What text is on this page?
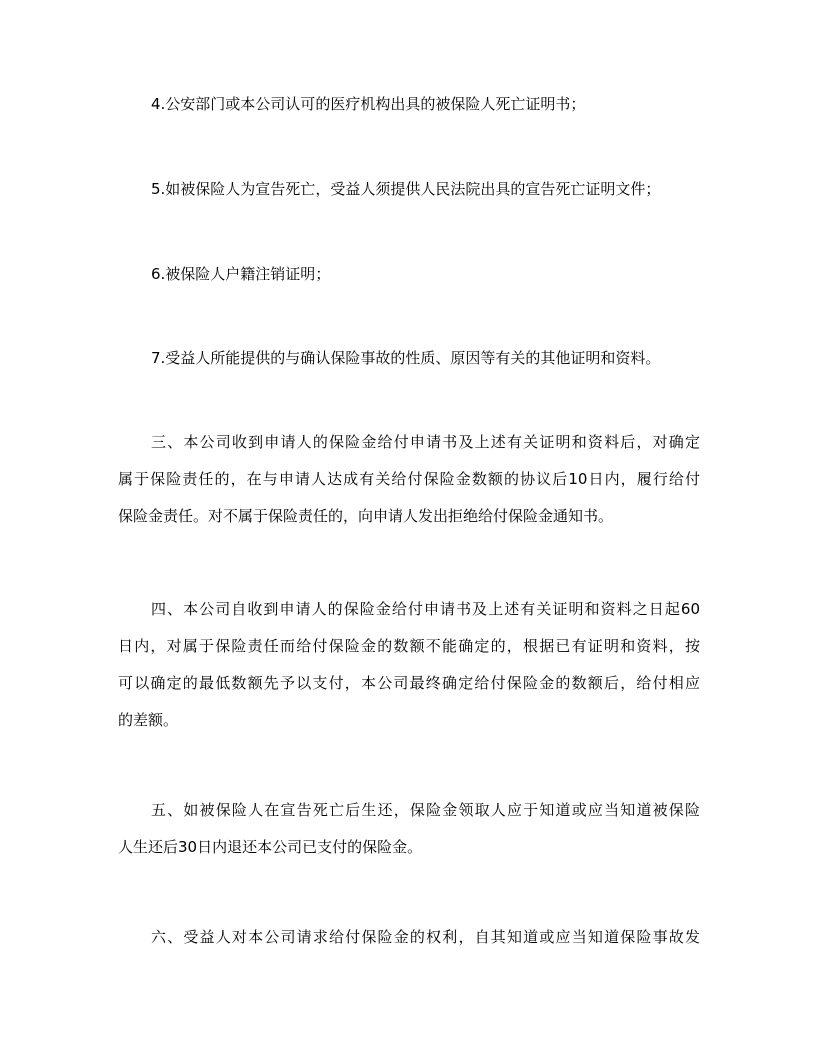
4.公安部门或本公司认可的医疗机构出具的被保险人死亡证明书；

5.如被保险人为宣告死亡，受益人须提供人民法院出具的宣告死亡证明文件；

6.被保险人户籍注销证明；

7.受益人所能提供的与确认保险事故的性质、原因等有关的其他证明和资料。

三、本公司收到申请人的保险金给付申请书及上述有关证明和资料后，对确定
属于保险责任的，在与申请人达成有关给付保险金数额的协议后10日内，履行给付
保险金责任。对不属于保险责任的，向申请人发出拒绝给付保险金通知书。
四、本公司自收到申请人的保险金给付申请书及上述有关证明和资料之日起60
日内，对属于保险责任而给付保险金的数额不能确定的，根据已有证明和资料，按
可以确定的最低数额先予以支付，本公司最终确定给付保险金的数额后，给付相应
的差额。
五、如被保险人在宣告死亡后生还，保险金领取人应于知道或应当知道被保险
人生还后30日内退还本公司已支付的保险金。
六、受益人对本公司请求给付保险金的权利，自其知道或应当知道保险事故发
